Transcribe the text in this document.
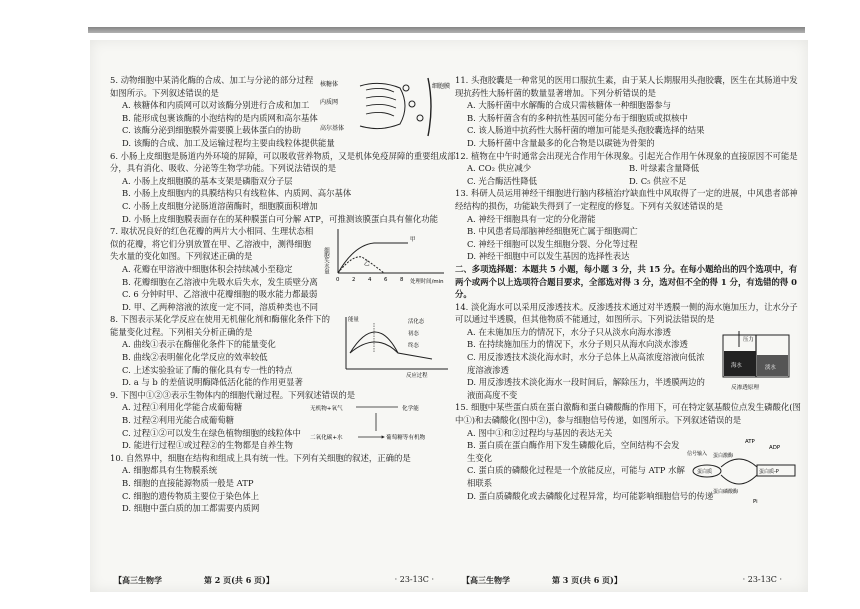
5. 动物细胞中某消化酶的合成、加工与分泌的部分过程如图所示。下列叙述错误的是

A. 核糖体和内质网可以对该酶分别进行合成和加工

B. 能形成包裹该酶的小泡结构的是内质网和高尔基体

C. 该酶分泌到细胞膜外需要膜上载体蛋白的协助

D. 该酶的合成、加工及运输过程均主要由线粒体提供能量

核糖体
内质网
高尔基体
细胞膜

6. 小肠上皮细胞是肠道内外环境的屏障，可以吸收营养物质，又是机体免疫屏障的重要组成部分，具有消化、吸收、分泌等生物学功能。下列说法错误的是

A. 小肠上皮细胞膜的基本支架是磷脂双分子层

B. 小肠上皮细胞内的具膜结构只有线粒体、内质网、高尔基体

C. 小肠上皮细胞分泌肠道溶菌酶时，细胞膜面积增加

D. 小肠上皮细胞膜表面存在的某种膜蛋白可分解 ATP，可推测该膜蛋白具有催化功能

7. 取状况良好的红色花瓣的两片大小相同、生理状态相似的花瓣，将它们分别放置在甲、乙溶液中，测得细胞失水量的变化如图。下列叙述正确的是

A. 花瓣在甲溶液中细胞体积会持续减小至稳定

B. 花瓣细胞在乙溶液中先吸水后失水，发生质壁分离

C. 6 分钟时甲、乙溶液中花瓣细胞的吸水能力都最弱

D. 甲、乙两种溶液的浓度一定不同，溶质种类也不同

细胞失水量
处理时间/min
0 2 4 6 8
甲
乙

8. 下图表示某化学反应在使用无机催化剂和酶催化条件下的能量变化过程。下列相关分析正确的是

A. 曲线①表示在酶催化条件下的能量变化

B. 曲线②表明催化化学反应的效率较低

C. 上述实验验证了酶的催化具有专一性的特点

D. a 与 b 的差值说明酶降低活化能的作用更显著

能量	活化态
初态
终态
反应过程

9. 下图中①②③表示生物体内的细胞代谢过程。下列叙述错误的是

A. 过程①利用化学能合成葡萄糖

B. 过程②利用光能合成葡萄糖

C. 过程①②可以发生在绿色植物细胞的线粒体中

D. 能进行过程①或过程②的生物都是自养生物

无机物+氧气	化学能
二氧化碳+水	葡萄糖等有机物

10. 自然界中，细胞在结构和组成上具有统一性。下列有关细胞的叙述，正确的是

A. 细胞都具有生物膜系统

B. 细胞的直接能源物质一般是 ATP

C. 细胞的遗传物质主要位于染色体上

D. 细胞中蛋白质的加工都需要内质网

【高三生物学	第 2 页(共 6 页)】	· 23-13C ·

11. 头孢胶囊是一种常见的医用口服抗生素，由于某人长期服用头孢胶囊，医生在其肠道中发现抗药性大肠杆菌的数量显著增加。下列分析错误的是

A. 大肠杆菌中水解酶的合成只需核糖体一种细胞器参与

B. 大肠杆菌含有的多种抗性基因可能分布于细胞质或拟核中

C. 该人肠道中抗药性大肠杆菌的增加可能是头孢胶囊选择的结果

D. 大肠杆菌中含量最多的化合物是以碳链为骨架的

12. 植物在中午时通常会出现光合作用午休现象。引起光合作用午休现象的直接原因不可能是

A. CO₂ 供应减少	B. 叶绿素含量降低

C. 光合酶活性降低	D. C₅ 供应不足

13. 科研人员运用神经干细胞进行脑内移植治疗缺血性中风取得了一定的进展，中风患者部神经结构的损伤，功能缺失得到了一定程度的修复。下列有关叙述错误的是

A. 神经干细胞具有一定的分化潜能

B. 中风患者局部脑神经细胞死亡属于细胞凋亡

C. 神经干细胞可以发生细胞分裂、分化等过程

D. 神经干细胞中可以发生基因的选择性表达

二、多项选择题：本题共 5 小题，每小题 3 分，共 15 分。在每小题给出的四个选项中，有两个或两个以上选项符合题目要求，全部选对得 3 分，选对但不全的得 1 分，有选错的得 0 分。

14. 淡化海水可以采用反渗透技术。反渗透技术通过对半透膜一侧的海水施加压力，让水分子可以通过半透膜，但其他物质不能通过，如图所示。下列说法错误的是

A. 在未施加压力的情况下，水分子只从淡水向海水渗透

B. 在持续施加压力的情况下，水分子则只从海水向淡水渗透

C. 用反渗透技术淡化海水时，水分子总体上从高浓度溶液向低浓度溶液渗透

D. 用反渗透技术淡化海水一段时间后，解除压力，半透膜两边的液面高度不变

压力
海水	淡水
反渗透原理

15. 细胞中某些蛋白质在蛋白激酶和蛋白磷酸酶的作用下，可在特定氨基酸位点发生磷酸化(图中①)和去磷酸化(图中②)，参与细胞信号传递，如图所示。下列叙述错误的是

A. 图中①和②过程均与基因的表达无关

B. 蛋白质在蛋白酶作用下发生磷酸化后，空间结构不会发生变化

C. 蛋白质的磷酸化过程是一个放能反应，可能与 ATP 水解相联系

D. 蛋白质磷酸化或去磷酸化过程异常，均可能影响细胞信号的传递

ATP
ADP
信号输入 蛋白激酶
蛋白质	蛋白质-P
蛋白磷酸酶
Pi
【高三生物学	第 3 页(共 6 页)】	· 23-13C ·
